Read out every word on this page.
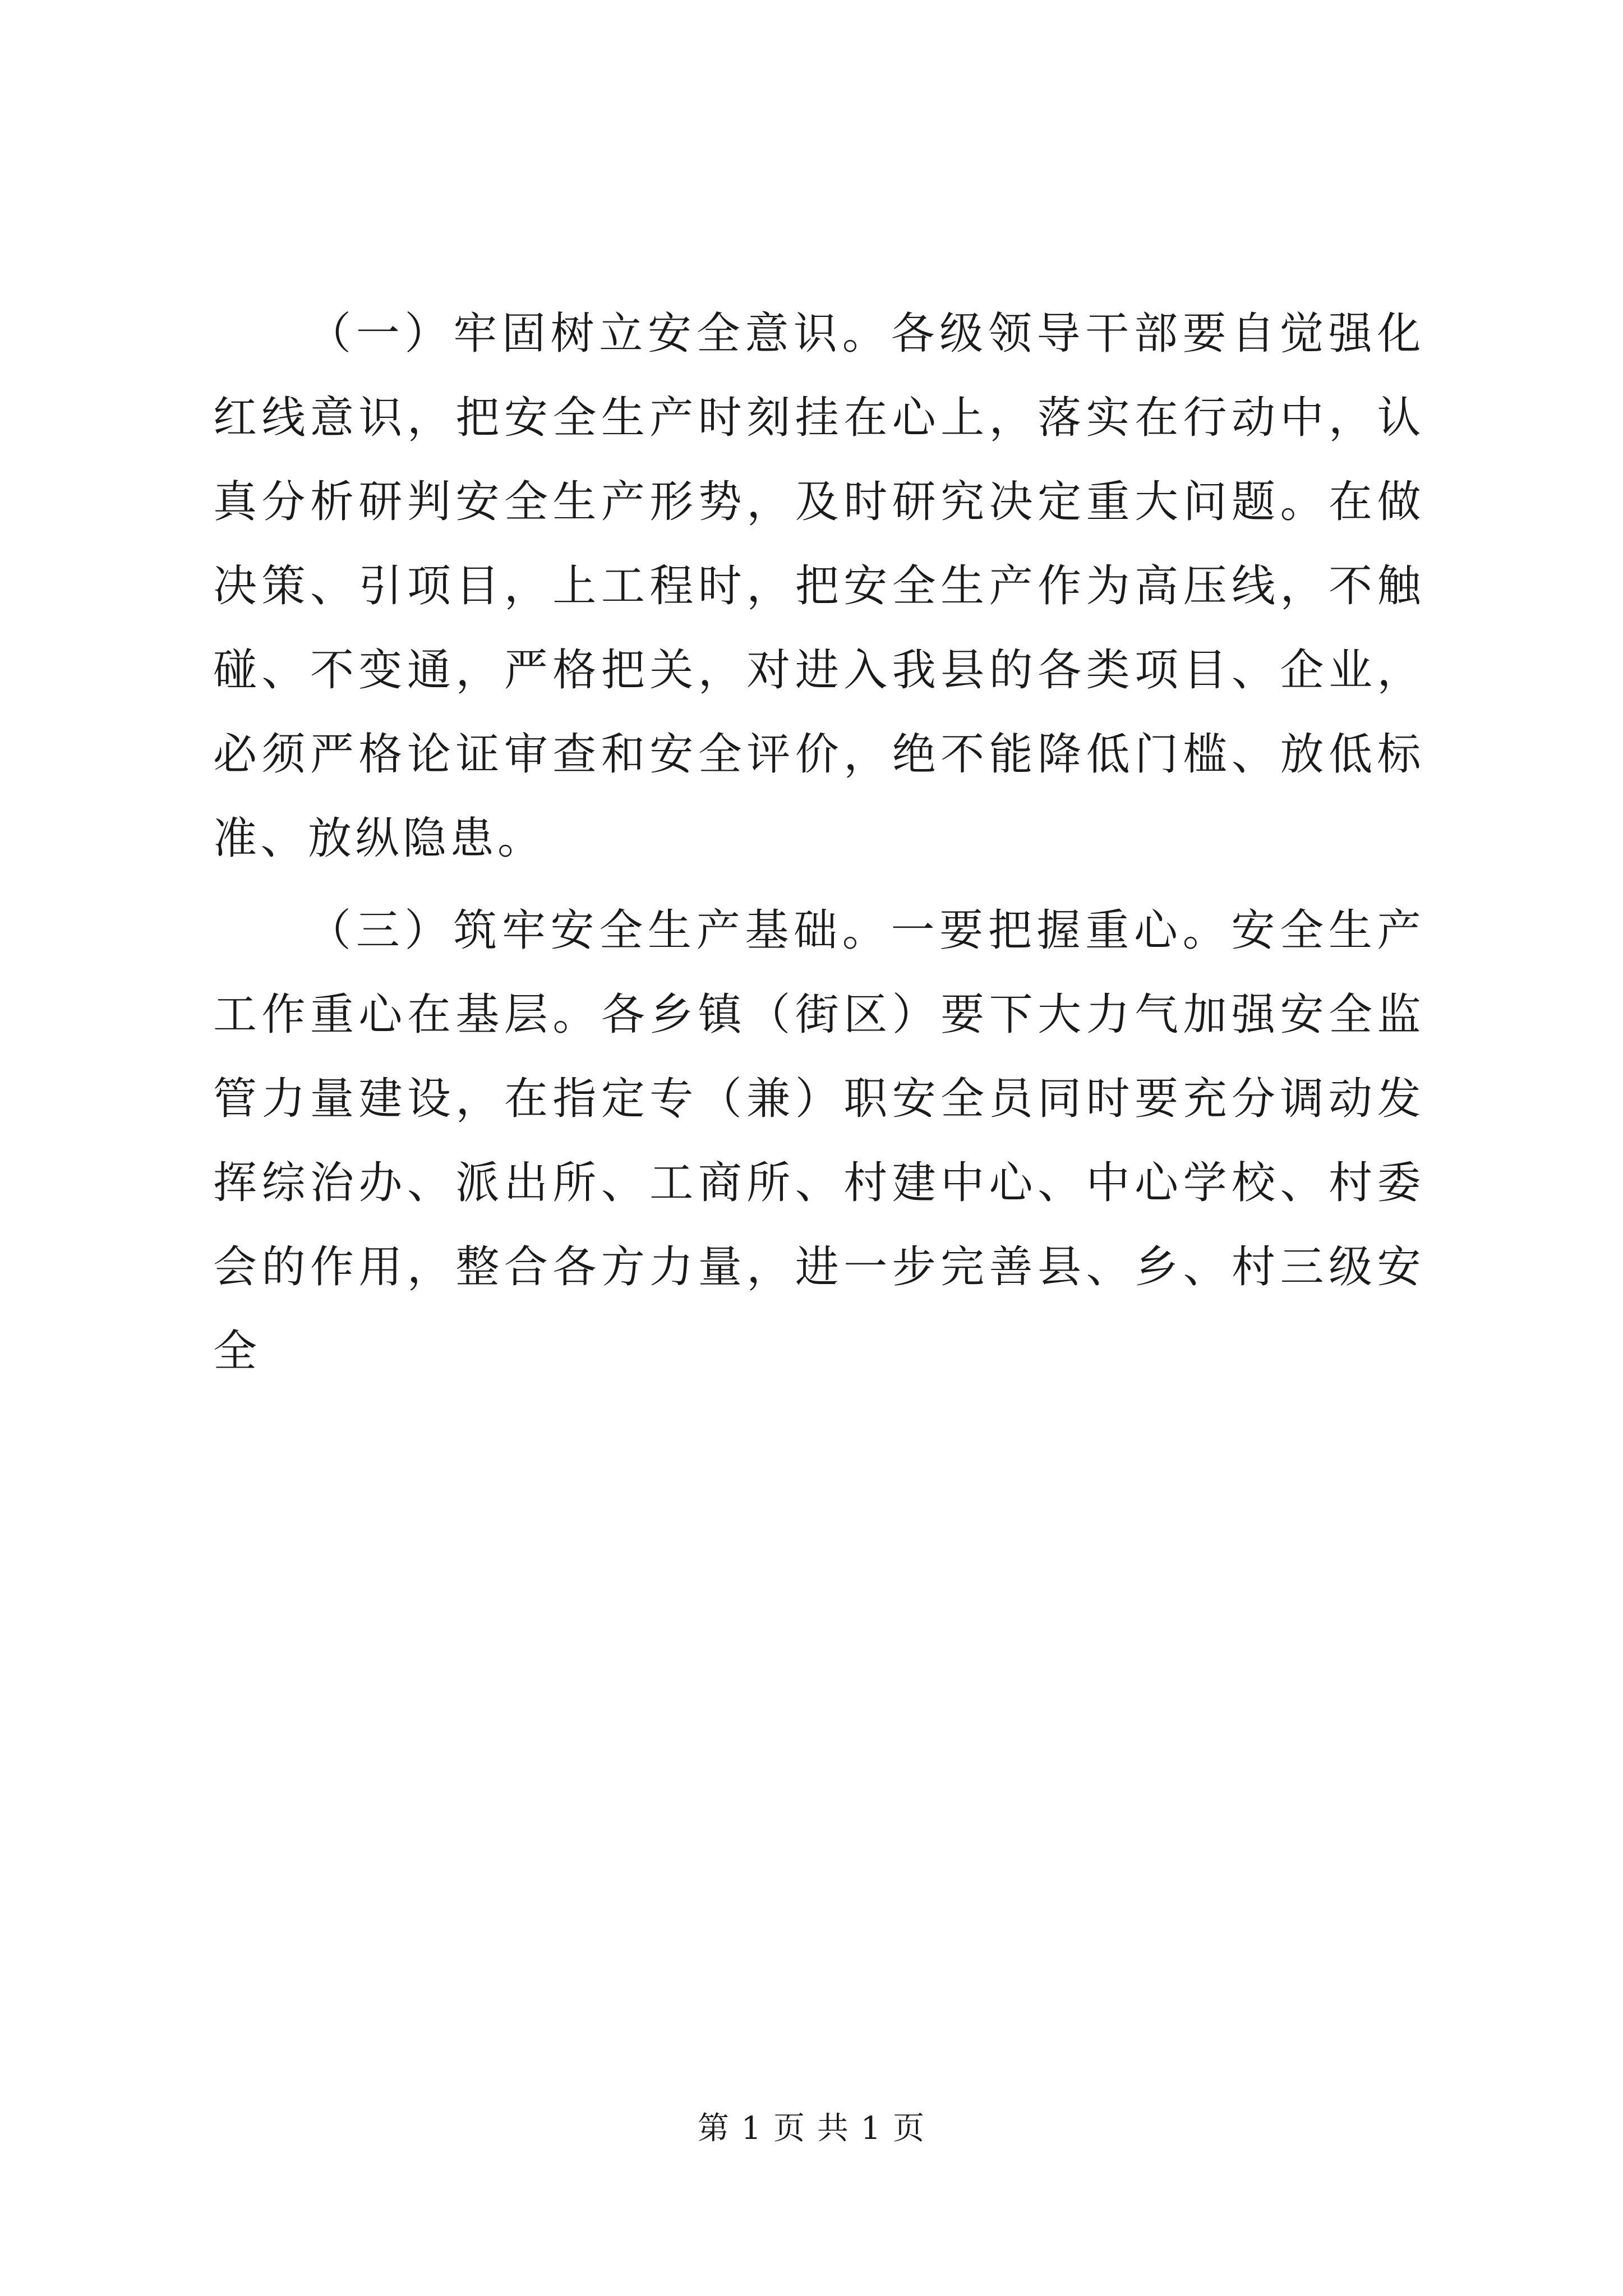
（一）牢固树立安全意识。各级领导干部要自觉强化红线意识，把安全生产时刻挂在心上，落实在行动中，认真分析研判安全生产形势，及时研究决定重大问题。在做决策、引项目，上工程时，把安全生产作为高压线，不触碰、不变通，严格把关，对进入我县的各类项目、企业，必须严格论证审查和安全评价，绝不能降低门槛、放低标准、放纵隐患。

（三）筑牢安全生产基础。一要把握重心。安全生产工作重心在基层。各乡镇（街区）要下大力气加强安全监管力量建设，在指定专（兼）职安全员同时要充分调动发挥综治办、派出所、工商所、村建中心、中心学校、村委会的作用，整合各方力量，进一步完善县、乡、村三级安全

第 1 页 共 1 页
